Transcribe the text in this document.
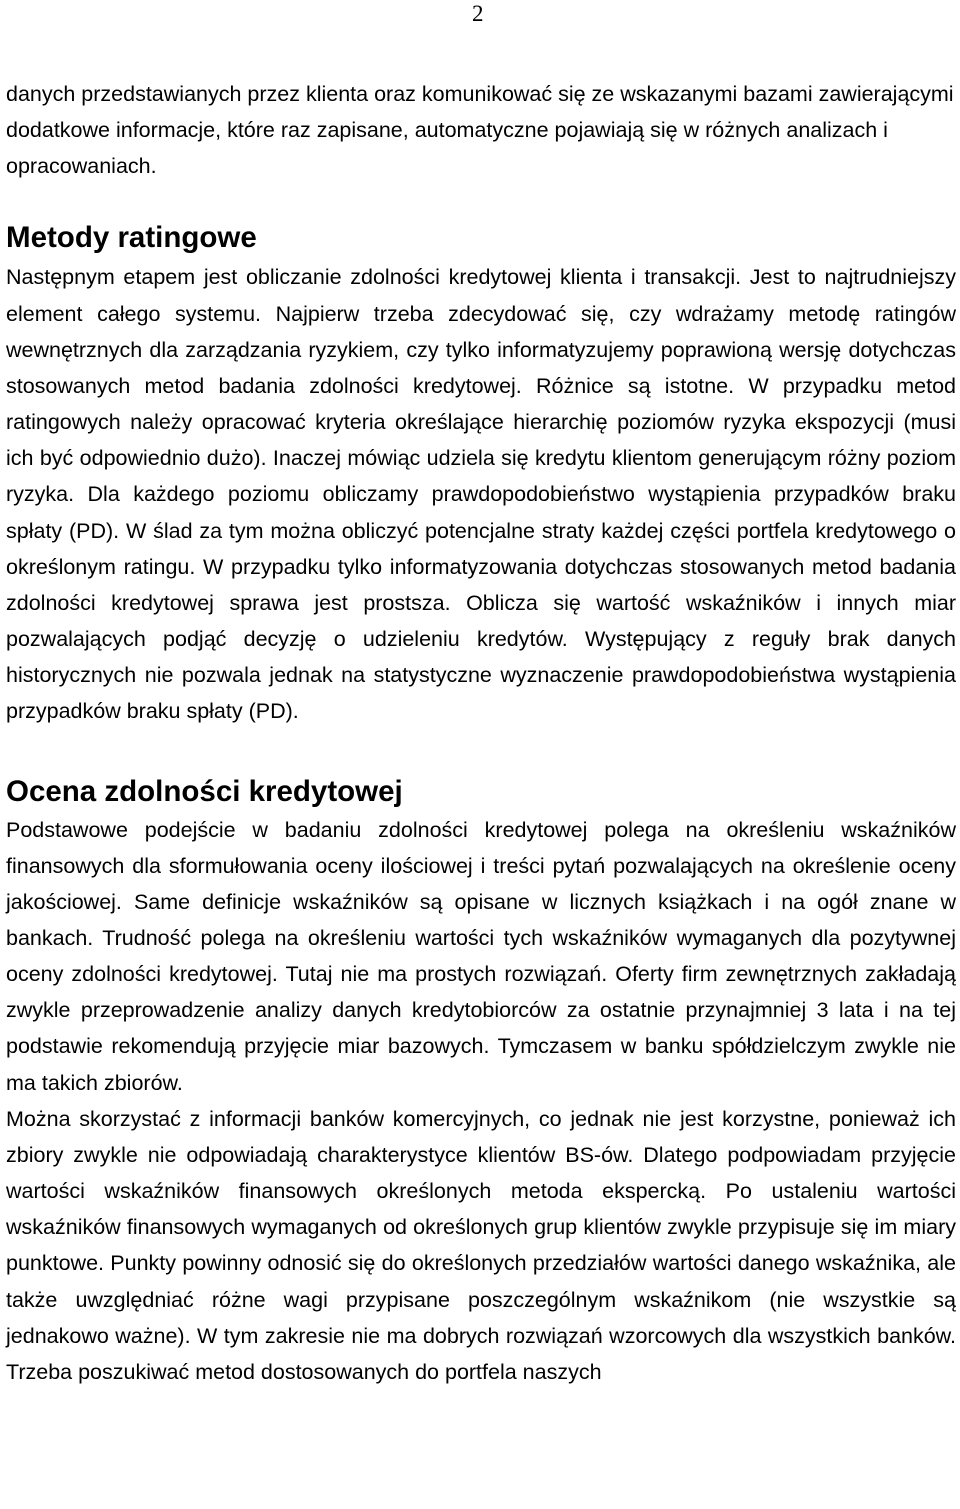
2

danych przedstawianych przez klienta oraz komunikować się ze wskazanymi bazami zawierającymi dodatkowe informacje, które raz zapisane, automatyczne pojawiają się w różnych analizach i opracowaniach.

Metody ratingowe

Następnym etapem jest obliczanie zdolności kredytowej klienta i transakcji. Jest to najtrudniejszy element całego systemu. Najpierw trzeba zdecydować się, czy wdrażamy metodę ratingów wewnętrznych dla zarządzania ryzykiem, czy tylko informatyzujemy poprawioną wersję dotychczas stosowanych metod badania zdolności kredytowej. Różnice są istotne. W przypadku metod ratingowych należy opracować kryteria określające hierarchię poziomów ryzyka ekspozycji (musi ich być odpowiednio dużo). Inaczej mówiąc udziela się kredytu klientom generującym różny poziom ryzyka. Dla każdego poziomu obliczamy prawdopodobieństwo wystąpienia przypadków braku spłaty (PD). W ślad za tym można obliczyć potencjalne straty każdej części portfela kredytowego o określonym ratingu. W przypadku tylko informatyzowania dotychczas stosowanych metod badania zdolności kredytowej sprawa jest prostsza. Oblicza się wartość wskaźników i innych miar pozwalających podjąć decyzję o udzieleniu kredytów. Występujący z reguły brak danych historycznych nie pozwala jednak na statystyczne wyznaczenie prawdopodobieństwa wystąpienia przypadków braku spłaty (PD).

Ocena zdolności kredytowej

Podstawowe podejście w badaniu zdolności kredytowej polega na określeniu wskaźników finansowych dla sformułowania oceny ilościowej i treści pytań pozwalających na określenie oceny jakościowej. Same definicje wskaźników są opisane w licznych książkach i na ogół znane w bankach. Trudność polega na określeniu wartości tych wskaźników wymaganych dla pozytywnej oceny zdolności kredytowej. Tutaj nie ma prostych rozwiązań. Oferty firm zewnętrznych zakładają zwykle przeprowadzenie analizy danych kredytobiorców za ostatnie przynajmniej 3 lata i na tej podstawie rekomendują przyjęcie miar bazowych. Tymczasem w banku spółdzielczym zwykle nie ma takich zbiorów.

Można skorzystać z informacji banków komercyjnych, co jednak nie jest korzystne, ponieważ ich zbiory zwykle nie odpowiadają charakterystyce klientów BS-ów. Dlatego podpowiadam przyjęcie wartości wskaźników finansowych określonych metoda ekspercką. Po ustaleniu wartości wskaźników finansowych wymaganych od określonych grup klientów zwykle przypisuje się im miary punktowe. Punkty powinny odnosić się do określonych przedziałów wartości danego wskaźnika, ale także uwzględniać różne wagi przypisane poszczególnym wskaźnikom (nie wszystkie są jednakowo ważne). W tym zakresie nie ma dobrych rozwiązań wzorcowych dla wszystkich banków. Trzeba poszukiwać metod dostosowanych do portfela naszych
